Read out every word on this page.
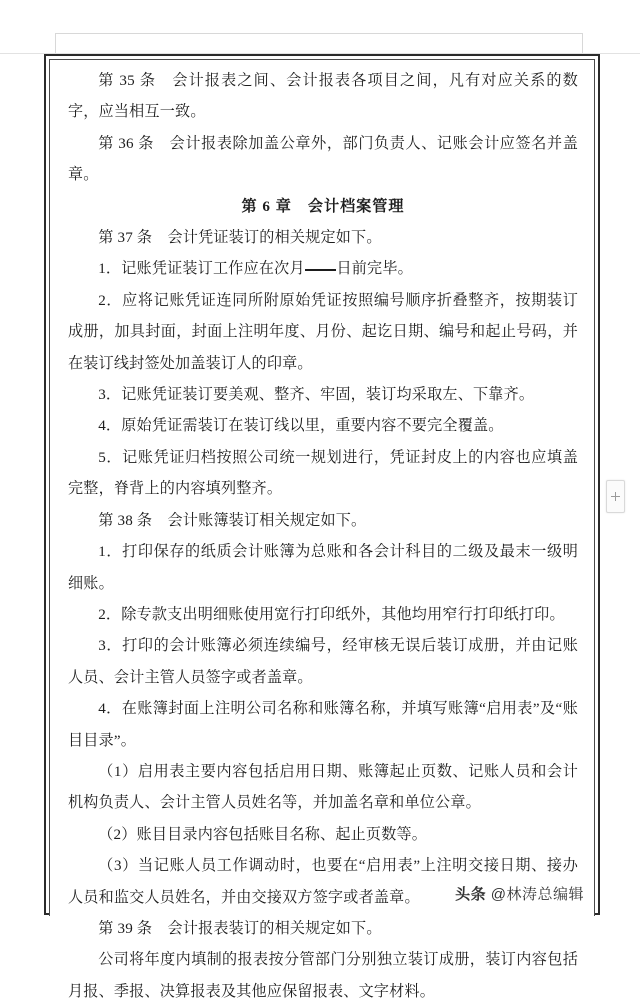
第 35 条　会计报表之间、会计报表各项目之间，凡有对应关系的数字，应当相互一致。

第 36 条　会计报表除加盖公章外，部门负责人、记账会计应签名并盖章。

第 6 章　会计档案管理

第 37 条　会计凭证装订的相关规定如下。

1．记账凭证装订工作应在次月 日前完毕。

2．应将记账凭证连同所附原始凭证按照编号顺序折叠整齐，按期装订成册，加具封面，封面上注明年度、月份、起讫日期、编号和起止号码，并在装订线封签处加盖装订人的印章。

3．记账凭证装订要美观、整齐、牢固，装订均采取左、下靠齐。

4．原始凭证需装订在装订线以里，重要内容不要完全覆盖。

5．记账凭证归档按照公司统一规划进行，凭证封皮上的内容也应填盖完整，脊背上的内容填列整齐。

第 38 条　会计账簿装订相关规定如下。

1．打印保存的纸质会计账簿为总账和各会计科目的二级及最末一级明细账。

2．除专款支出明细账使用宽行打印纸外，其他均用窄行打印纸打印。

3．打印的会计账簿必须连续编号，经审核无误后装订成册，并由记账人员、会计主管人员签字或者盖章。

4．在账簿封面上注明公司名称和账簿名称，并填写账簿“启用表”及“账目目录”。

（1）启用表主要内容包括启用日期、账簿起止页数、记账人员和会计机构负责人、会计主管人员姓名等，并加盖名章和单位公章。

（2）账目目录内容包括账目名称、起止页数等。

（3）当记账人员工作调动时，也要在“启用表”上注明交接日期、接办人员和监交人员姓名，并由交接双方签字或者盖章。

第 39 条　会计报表装订的相关规定如下。

公司将年度内填制的报表按分管部门分别独立装订成册，装订内容包括月报、季报、决算报表及其他应保留报表、文字材料。

头条 @林涛总编辑
